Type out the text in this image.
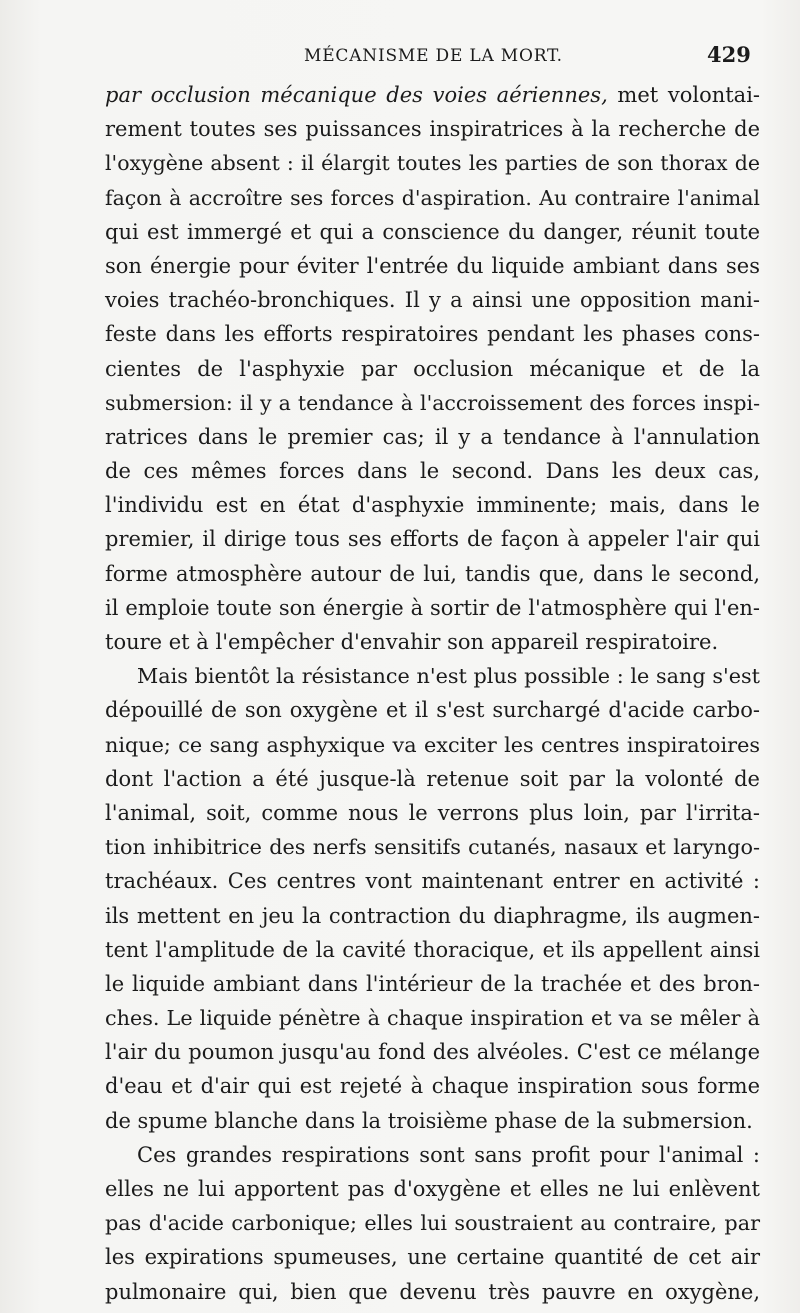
MÉCANISME DE LA MORT.	429
par occlusion mécanique des voies aériennes, met volontai-
rement toutes ses puissances inspiratrices à la recherche de
l'oxygène absent : il élargit toutes les parties de son thorax de
façon à accroître ses forces d'aspiration. Au contraire l'animal
qui est immergé et qui a conscience du danger, réunit toute
son énergie pour éviter l'entrée du liquide ambiant dans ses
voies trachéo-bronchiques. Il y a ainsi une opposition mani-
feste dans les efforts respiratoires pendant les phases cons-
cientes de l'asphyxie par occlusion mécanique et de la
submersion: il y a tendance à l'accroissement des forces inspi-
ratrices dans le premier cas; il y a tendance à l'annulation
de ces mêmes forces dans le second. Dans les deux cas,
l'individu est en état d'asphyxie imminente; mais, dans le
premier, il dirige tous ses efforts de façon à appeler l'air qui
forme atmosphère autour de lui, tandis que, dans le second,
il emploie toute son énergie à sortir de l'atmosphère qui l'en-
toure et à l'empêcher d'envahir son appareil respiratoire.
Mais bientôt la résistance n'est plus possible : le sang s'est
dépouillé de son oxygène et il s'est surchargé d'acide carbo-
nique; ce sang asphyxique va exciter les centres inspiratoires
dont l'action a été jusque-là retenue soit par la volonté de
l'animal, soit, comme nous le verrons plus loin, par l'irrita-
tion inhibitrice des nerfs sensitifs cutanés, nasaux et laryngo-
trachéaux. Ces centres vont maintenant entrer en activité :
ils mettent en jeu la contraction du diaphragme, ils augmen-
tent l'amplitude de la cavité thoracique, et ils appellent ainsi
le liquide ambiant dans l'intérieur de la trachée et des bron-
ches. Le liquide pénètre à chaque inspiration et va se mêler à
l'air du poumon jusqu'au fond des alvéoles. C'est ce mélange
d'eau et d'air qui est rejeté à chaque inspiration sous forme
de spume blanche dans la troisième phase de la submersion.
Ces grandes respirations sont sans profit pour l'animal :
elles ne lui apportent pas d'oxygène et elles ne lui enlèvent
pas d'acide carbonique; elles lui soustraient au contraire, par
les expirations spumeuses, une certaine quantité de cet air
pulmonaire qui, bien que devenu très pauvre en oxygène,
